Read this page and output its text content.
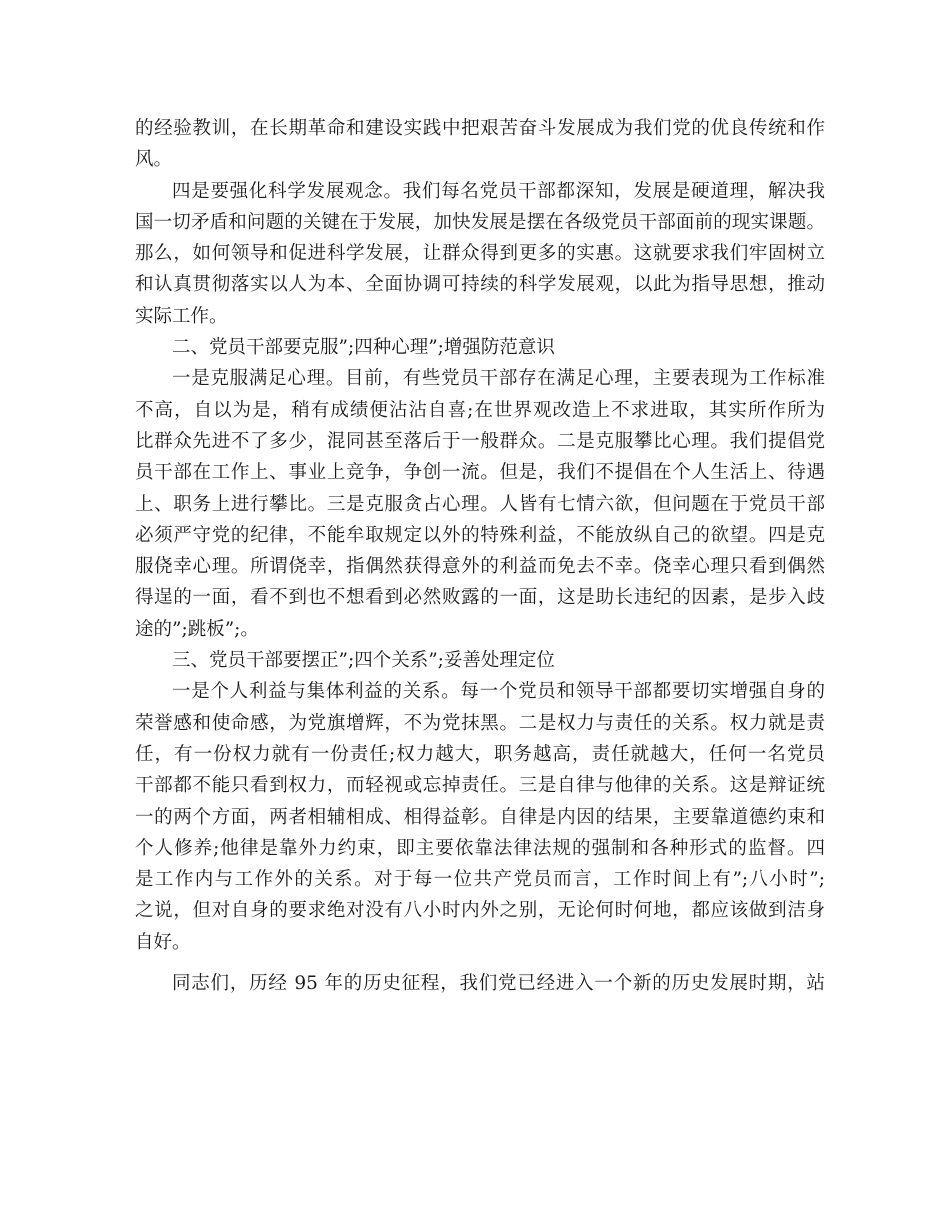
的经验教训，在长期革命和建设实践中把艰苦奋斗发展成为我们党的优良传统和作
风。
四是要强化科学发展观念。我们每名党员干部都深知，发展是硬道理，解决我
国一切矛盾和问题的关键在于发展，加快发展是摆在各级党员干部面前的现实课题。
那么，如何领导和促进科学发展，让群众得到更多的实惠。这就要求我们牢固树立
和认真贯彻落实以人为本、全面协调可持续的科学发展观，以此为指导思想，推动
实际工作。
二、党员干部要克服”;四种心理”;增强防范意识
一是克服满足心理。目前，有些党员干部存在满足心理，主要表现为工作标准
不高，自以为是，稍有成绩便沾沾自喜;在世界观改造上不求进取，其实所作所为
比群众先进不了多少，混同甚至落后于一般群众。二是克服攀比心理。我们提倡党
员干部在工作上、事业上竞争，争创一流。但是，我们不提倡在个人生活上、待遇
上、职务上进行攀比。三是克服贪占心理。人皆有七情六欲，但问题在于党员干部
必须严守党的纪律，不能牟取规定以外的特殊利益，不能放纵自己的欲望。四是克
服侥幸心理。所谓侥幸，指偶然获得意外的利益而免去不幸。侥幸心理只看到偶然
得逞的一面，看不到也不想看到必然败露的一面，这是助长违纪的因素，是步入歧
途的”;跳板”;。
三、党员干部要摆正”;四个关系”;妥善处理定位
一是个人利益与集体利益的关系。每一个党员和领导干部都要切实增强自身的
荣誉感和使命感，为党旗增辉，不为党抹黑。二是权力与责任的关系。权力就是责
任，有一份权力就有一份责任;权力越大，职务越高，责任就越大，任何一名党员
干部都不能只看到权力，而轻视或忘掉责任。三是自律与他律的关系。这是辩证统
一的两个方面，两者相辅相成、相得益彰。自律是内因的结果，主要靠道德约束和
个人修养;他律是靠外力约束，即主要依靠法律法规的强制和各种形式的监督。四
是工作内与工作外的关系。对于每一位共产党员而言，工作时间上有”;八小时”;
之说，但对自身的要求绝对没有八小时内外之别，无论何时何地，都应该做到洁身
自好。
同志们，历经 95 年的历史征程，我们党已经进入一个新的历史发展时期，站
